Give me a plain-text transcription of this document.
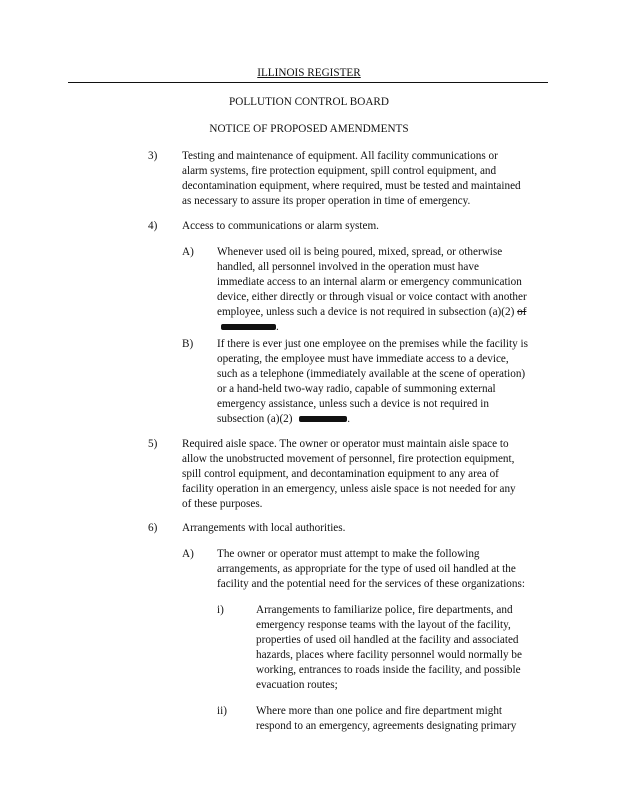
ILLINOIS REGISTER
POLLUTION CONTROL BOARD
NOTICE OF PROPOSED AMENDMENTS
3) Testing and maintenance of equipment. All facility communications or
alarm systems, fire protection equipment, spill control equipment, and
decontamination equipment, where required, must be tested and maintained
as necessary to assure its proper operation in time of emergency.
4) Access to communications or alarm system.
A) Whenever used oil is being poured, mixed, spread, or otherwise
handled, all personnel involved in the operation must have
immediate access to an internal alarm or emergency communication
device, either directly or through visual or voice contact with another
employee, unless such a device is not required in subsection (a)(2) of
.
B) If there is ever just one employee on the premises while the facility is
operating, the employee must have immediate access to a device,
such as a telephone (immediately available at the scene of operation)
or a hand-held two-way radio, capable of summoning external
emergency assistance, unless such a device is not required in
subsection (a)(2)	.
5) Required aisle space. The owner or operator must maintain aisle space to
allow the unobstructed movement of personnel, fire protection equipment,
spill control equipment, and decontamination equipment to any area of
facility operation in an emergency, unless aisle space is not needed for any
of these purposes.
6) Arrangements with local authorities.
A) The owner or operator must attempt to make the following
arrangements, as appropriate for the type of used oil handled at the
facility and the potential need for the services of these organizations:
i)	Arrangements to familiarize police, fire departments, and
emergency response teams with the layout of the facility,
properties of used oil handled at the facility and associated
hazards, places where facility personnel would normally be
working, entrances to roads inside the facility, and possible
evacuation routes;
ii)	Where more than one police and fire department might
respond to an emergency, agreements designating primary
